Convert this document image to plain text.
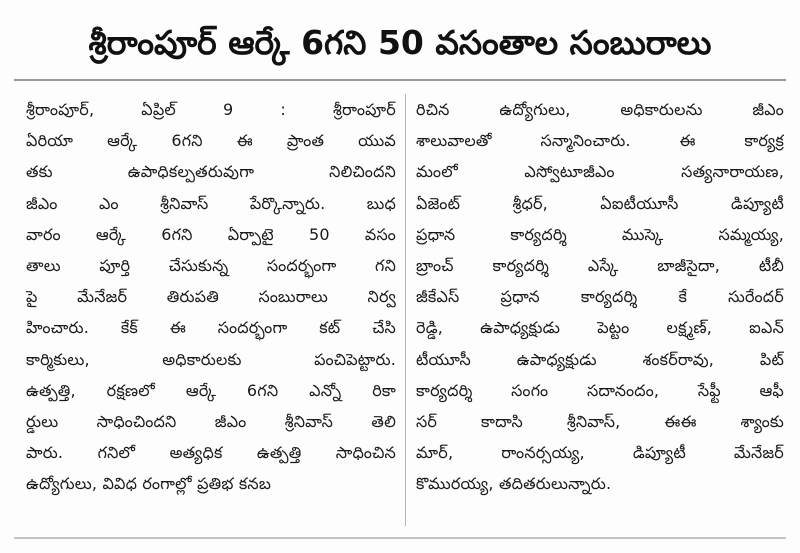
శ్రీరాంపూర్ ఆర్కే 6గని 50 వసంతాల సంబురాలు
శ్రీరాంపూర్, ఏప్రిల్ 9 : శ్రీరాంపూర్
ఏరియా ఆర్కే 6గని ఈ ప్రాంత యువ
తకు ఉపాధికల్పతరువుగా నిలిచిందని
జీఎం ఎం శ్రీనివాస్ పేర్కొన్నారు. బుధ
వారం ఆర్కే 6గని ఏర్పాటై 50 వసం
తాలు పూర్తి చేసుకున్న సందర్భంగా గని
పై మేనేజర్ తిరుపతి సంబురాలు నిర్వ
హించారు. కేక్ ఈ సందర్భంగా కట్ చేసి
కార్మికులు, అధికారులకు పంచిపెట్టారు.
ఉత్పత్తి, రక్షణలో ఆర్కే 6గని ఎన్నో రికా
ర్డులు సాధించిందని జీఎం శ్రీనివాస్ తెలి
పారు. గనిలో అత్యధిక ఉత్పత్తి సాధించిన
ఉద్యోగులు, వివిధ రంగాల్లో ప్రతిభ కనబ
రిచిన ఉద్యోగులు, అధికారులను జీఎం
శాలువాలతో సన్మానించారు. ఈ కార్యక్ర
మంలో ఎస్వోటూజీఎం సత్యనారాయణ,
ఏజెంట్ శ్రీధర్, ఏఐటీయూసీ డిప్యూటీ
ప్రధాన కార్యదర్శి ముస్కె సమ్మయ్య,
బ్రాంచ్ కార్యదర్శి ఎస్కే బాజీసైదా, టీబీ
జీకేఎస్ ప్రధాన కార్యదర్శి కే సురేందర్
రెడ్డి, ఉపాధ్యక్షుడు పెట్టం లక్ష్మణ్, ఐఎన్
టీయూసీ ఉపాధ్యక్షుడు శంకర్‌రావు, పిట్
కార్యదర్శి సంగం సదానందం, సేఫ్టీ ఆఫీ
సర్ కాదాసి శ్రీనివాస్, ఈఈ శ్యాంకు
మార్, రాంనర్సయ్య, డిప్యూటీ మేనేజర్
కొమురయ్య, తదితరులున్నారు.
